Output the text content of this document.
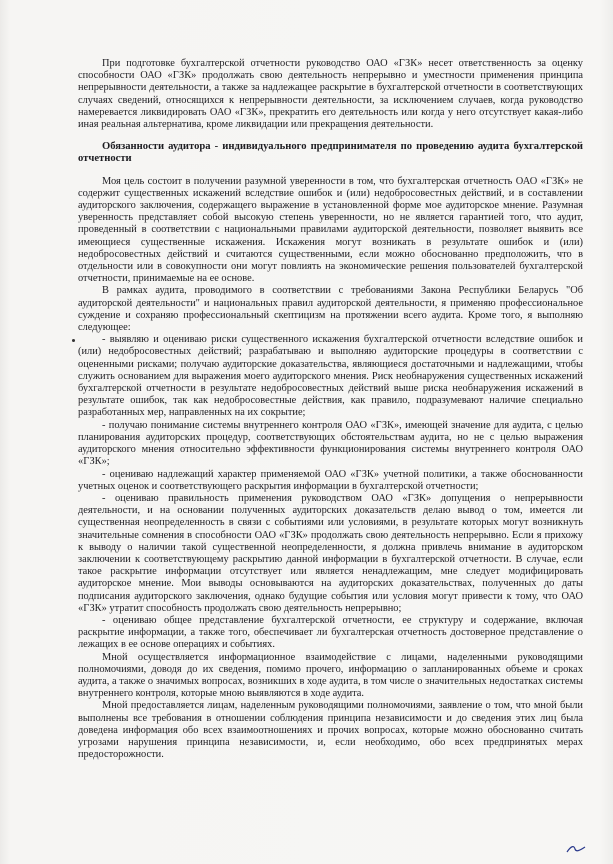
При подготовке бухгалтерской отчетности руководство ОАО «ГЗК» несет ответственность за оценку способности ОАО «ГЗК» продолжать свою деятельность непрерывно и уместности применения принципа непрерывности деятельности, а также за надлежащее раскрытие в бухгалтерской отчетности в соответствующих случаях сведений, относящихся к непрерывности деятельности, за исключением случаев, когда руководство намеревается ликвидировать ОАО «ГЗК», прекратить его деятельность или когда у него отсутствует какая-либо иная реальная альтернатива, кроме ликвидации или прекращения деятельности.

Обязанности аудитора - индивидуального предпринимателя по проведению аудита бухгалтерской отчетности

Моя цель состоит в получении разумной уверенности в том, что бухгалтерская отчетность ОАО «ГЗК» не содержит существенных искажений вследствие ошибок и (или) недобросовестных действий, и в составлении аудиторского заключения, содержащего выражение в установленной форме мое аудиторское мнение. Разумная уверенность представляет собой высокую степень уверенности, но не является гарантией того, что аудит, проведенный в соответствии с национальными правилами аудиторской деятельности, позволяет выявить все имеющиеся существенные искажения. Искажения могут возникать в результате ошибок и (или) недобросовестных действий и считаются существенными, если можно обоснованно предположить, что в отдельности или в совокупности они могут повлиять на экономические решения пользователей бухгалтерской отчетности, принимаемые на ее основе.

В рамках аудита, проводимого в соответствии с требованиями Закона Республики Беларусь "Об аудиторской деятельности" и национальных правил аудиторской деятельности, я применяю профессиональное суждение и сохраняю профессиональный скептицизм на протяжении всего аудита. Кроме того, я выполняю следующее:

- выявляю и оцениваю риски существенного искажения бухгалтерской отчетности вследствие ошибок и (или) недобросовестных действий; разрабатываю и выполняю аудиторские процедуры в соответствии с оцененными рисками; получаю аудиторские доказательства, являющиеся достаточными и надлежащими, чтобы служить основанием для выражения моего аудиторского мнения. Риск необнаружения существенных искажений бухгалтерской отчетности в результате недобросовестных действий выше риска необнаружения искажений в результате ошибок, так как недобросовестные действия, как правило, подразумевают наличие специально разработанных мер, направленных на их сокрытие;

- получаю понимание системы внутреннего контроля ОАО «ГЗК», имеющей значение для аудита, с целью планирования аудиторских процедур, соответствующих обстоятельствам аудита, но не с целью выражения аудиторского мнения относительно эффективности функционирования системы внутреннего контроля ОАО «ГЗК»;

- оцениваю надлежащий характер применяемой ОАО «ГЗК» учетной политики, а также обоснованности учетных оценок и соответствующего раскрытия информации в бухгалтерской отчетности;

- оцениваю правильность применения руководством ОАО «ГЗК» допущения о непрерывности деятельности, и на основании полученных аудиторских доказательств делаю вывод о том, имеется ли существенная неопределенность в связи с событиями или условиями, в результате которых могут возникнуть значительные сомнения в способности ОАО «ГЗК» продолжать свою деятельность непрерывно. Если я прихожу к выводу о наличии такой существенной неопределенности, я должна привлечь внимание в аудиторском заключении к соответствующему раскрытию данной информации в бухгалтерской отчетности. В случае, если такое раскрытие информации отсутствует или является ненадлежащим, мне следует модифицировать аудиторское мнение. Мои выводы основываются на аудиторских доказательствах, полученных до даты подписания аудиторского заключения, однако будущие события или условия могут привести к тому, что ОАО «ГЗК» утратит способность продолжать свою деятельность непрерывно;

- оцениваю общее представление бухгалтерской отчетности, ее структуру и содержание, включая раскрытие информации, а также того, обеспечивает ли бухгалтерская отчетность достоверное представление о лежащих в ее основе операциях и событиях.

Мной осуществляется информационное взаимодействие с лицами, наделенными руководящими полномочиями, доводя до их сведения, помимо прочего, информацию о запланированных объеме и сроках аудита, а также о значимых вопросах, возникших в ходе аудита, в том числе о значительных недостатках системы внутреннего контроля, которые мною выявляются в ходе аудита.

Мной предоставляется лицам, наделенным руководящими полномочиями, заявление о том, что мной были выполнены все требования в отношении соблюдения принципа независимости и до сведения этих лиц была доведена информация обо всех взаимоотношениях и прочих вопросах, которые можно обоснованно считать угрозами нарушения принципа независимости, и, если необходимо, обо всех предпринятых мерах предосторожности.
